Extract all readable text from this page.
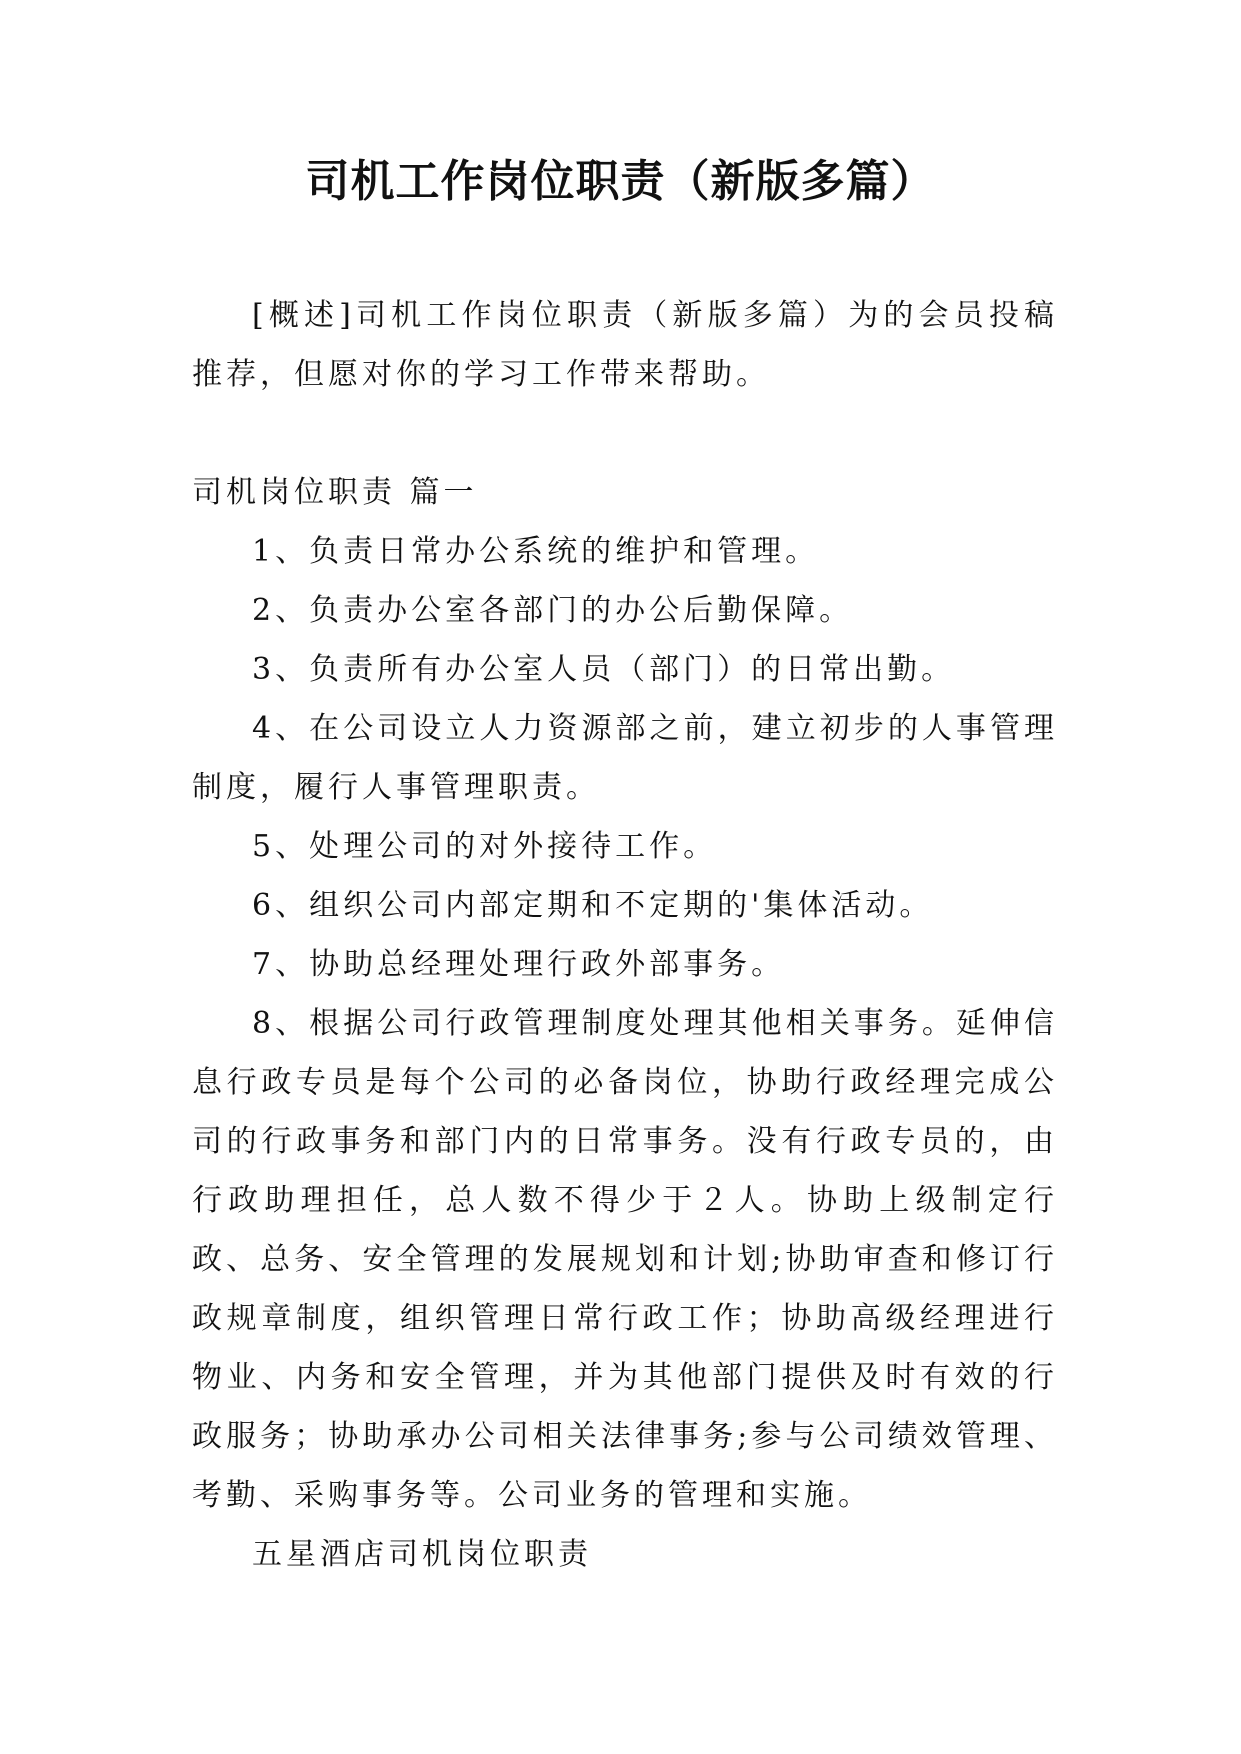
司机工作岗位职责（新版多篇）

[概述]司机工作岗位职责（新版多篇）为的会员投稿推荐，但愿对你的学习工作带来帮助。

司机岗位职责 篇一

1、负责日常办公系统的维护和管理。

2、负责办公室各部门的办公后勤保障。

3、负责所有办公室人员（部门）的日常出勤。

4、在公司设立人力资源部之前，建立初步的人事管理制度，履行人事管理职责。

5、处理公司的对外接待工作。

6、组织公司内部定期和不定期的'集体活动。

7、协助总经理处理行政外部事务。

8、根据公司行政管理制度处理其他相关事务。延伸信息行政专员是每个公司的必备岗位，协助行政经理完成公司的行政事务和部门内的日常事务。没有行政专员的，由行政助理担任，总人数不得少于２人。协助上级制定行政、总务、安全管理的发展规划和计划;协助审查和修订行政规章制度，组织管理日常行政工作；协助高级经理进行物业、内务和安全管理，并为其他部门提供及时有效的行政服务；协助承办公司相关法律事务;参与公司绩效管理、考勤、采购事务等。公司业务的管理和实施。

五星酒店司机岗位职责
